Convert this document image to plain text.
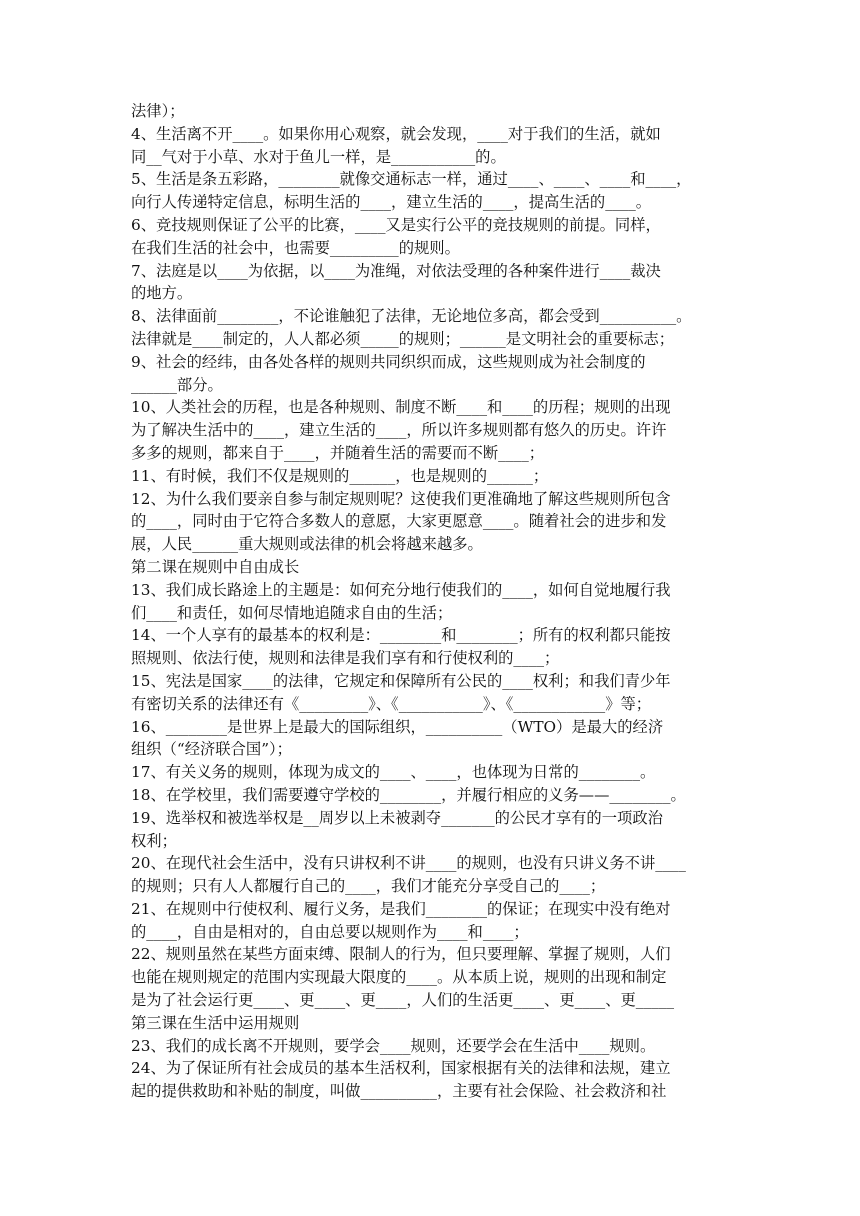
法律）；
4、生活离不开____。如果你用心观察，就会发现，____对于我们的生活，就如
同__气对于小草、水对于鱼儿一样，是___________的。
5、生活是条五彩路，________就像交通标志一样，通过____、____、____和____，
向行人传递特定信息，标明生活的____，建立生活的____，提高生活的____。
6、竞技规则保证了公平的比赛，____又是实行公平的竞技规则的前提。同样，
在我们生活的社会中，也需要_________的规则。
7、法庭是以____为依据，以____为准绳，对依法受理的各种案件进行____裁决
的地方。
8、法律面前________，不论谁触犯了法律，无论地位多高，都会受到__________。
法律就是____制定的，人人都必须_____的规则；______是文明社会的重要标志；
9、社会的经纬，由各处各样的规则共同织织而成，这些规则成为社会制度的
______部分。
10、人类社会的历程，也是各种规则、制度不断____和____的历程；规则的出现
为了解决生活中的____，建立生活的____，所以许多规则都有悠久的历史。许许
多多的规则，都来自于____，并随着生活的需要而不断____；
11、有时候，我们不仅是规则的______，也是规则的______；
12、为什么我们要亲自参与制定规则呢？这使我们更准确地了解这些规则所包含
的____，同时由于它符合多数人的意愿，大家更愿意____。随着社会的进步和发
展，人民______重大规则或法律的机会将越来越多。
第二课在规则中自由成长
13、我们成长路途上的主题是：如何充分地行使我们的____，如何自觉地履行我
们____和责任，如何尽情地追随求自由的生活；
14、一个人享有的最基本的权利是：________和________；所有的权利都只能按
照规则、依法行使，规则和法律是我们享有和行使权利的____；
15、宪法是国家____的法律，它规定和保障所有公民的____权利；和我们青少年
有密切关系的法律还有《_________》、《___________》、《____________》等；
16、________是世界上是最大的国际组织，__________（WTO）是最大的经济
组织（“经济联合国”）；
17、有关义务的规则，体现为成文的____、____，也体现为日常的________。
18、在学校里，我们需要遵守学校的________，并履行相应的义务——________。
19、选举权和被选举权是__周岁以上未被剥夺_______的公民才享有的一项政治
权利；
20、在现代社会生活中，没有只讲权利不讲____的规则，也没有只讲义务不讲____
的规则；只有人人都履行自己的____，我们才能充分享受自己的____；
21、在规则中行使权利、履行义务，是我们________的保证；在现实中没有绝对
的____，自由是相对的，自由总要以规则作为____和____；
22、规则虽然在某些方面束缚、限制人的行为，但只要理解、掌握了规则，人们
也能在规则规定的范围内实现最大限度的____。从本质上说，规则的出现和制定
是为了社会运行更____、更____、更____，人们的生活更____、更____、更_____
第三课在生活中运用规则
23、我们的成长离不开规则，要学会____规则，还要学会在生活中____规则。
24、为了保证所有社会成员的基本生活权利，国家根据有关的法律和法规，建立
起的提供救助和补贴的制度，叫做__________，主要有社会保险、社会救济和社
